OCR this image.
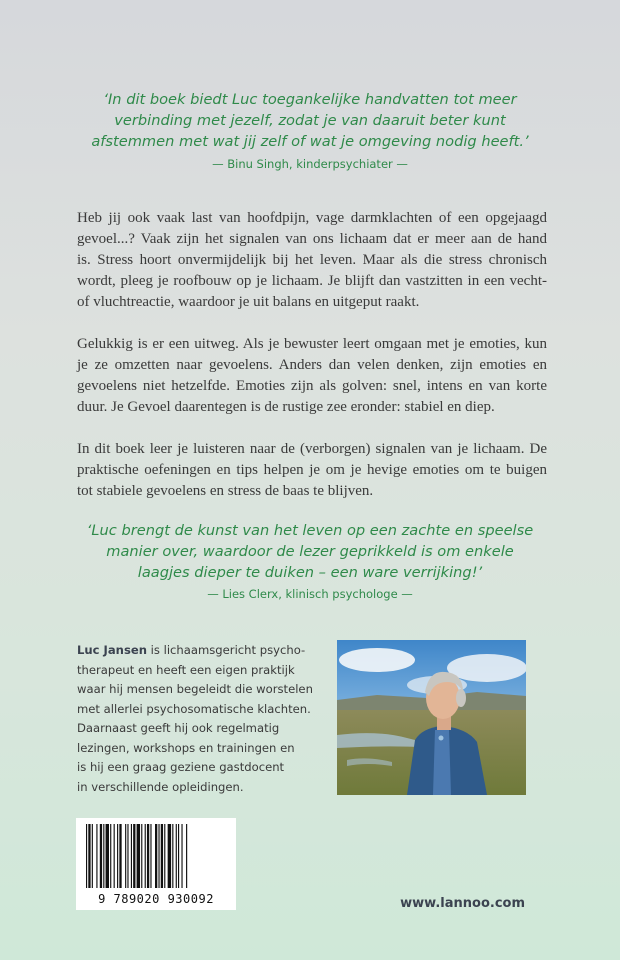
‘In dit boek biedt Luc toegankelijke handvatten tot meer
verbinding met jezelf, zodat je van daaruit beter kunt
afstemmen met wat jij zelf of wat je omgeving nodig heeft.’
— Binu Singh, kinderpsychiater —

Heb jij ook vaak last van hoofdpijn, vage darmklachten of een opgejaagd
gevoel...? Vaak zijn het signalen van ons lichaam dat er meer aan de hand
is. Stress hoort onvermijdelijk bij het leven. Maar als die stress chronisch
wordt, pleeg je roofbouw op je lichaam. Je blijft dan vastzitten in een vecht-
of vluchtreactie, waardoor je uit balans en uitgeput raakt.

Gelukkig is er een uitweg. Als je bewuster leert omgaan met je emoties, kun
je ze omzetten naar gevoelens. Anders dan velen denken, zijn emoties en
gevoelens niet hetzelfde. Emoties zijn als golven: snel, intens en van korte
duur. Je Gevoel daarentegen is de rustige zee eronder: stabiel en diep.

In dit boek leer je luisteren naar de (verborgen) signalen van je lichaam. De
praktische oefeningen en tips helpen je om je hevige emoties om te buigen
tot stabiele gevoelens en stress de baas te blijven.

‘Luc brengt de kunst van het leven op een zachte en speelse
manier over, waardoor de lezer geprikkeld is om enkele
laagjes dieper te duiken – een ware verrijking!’
— Lies Clerx, klinisch psychologe —
Luc Jansen is lichaamsgericht psycho-
therapeut en heeft een eigen praktijk
waar hij mensen begeleidt die worstelen
met allerlei psychosomatische klachten.
Daarnaast geeft hij ook regelmatig
lezingen, workshops en trainingen en
is hij een graag geziene gastdocent
in verschillende opleidingen.
9 789020 930092	www.lannoo.com
